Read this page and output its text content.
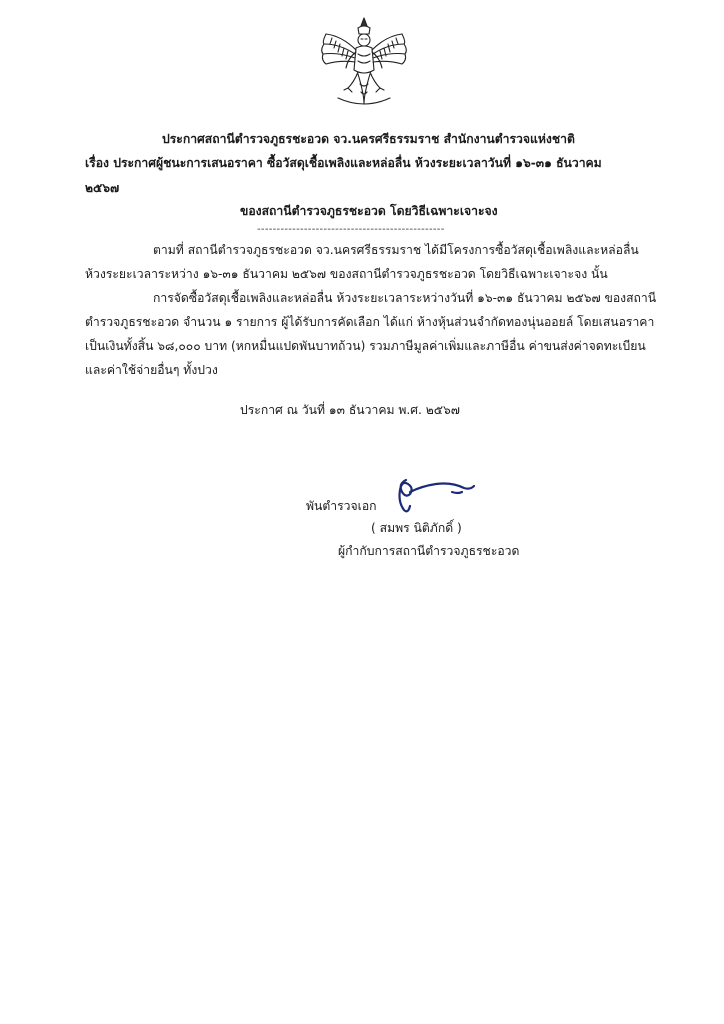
ประกาศสถานีตำรวจภูธรชะอวด จว.นครศรีธรรมราช สำนักงานตำรวจแห่งชาติ
เรื่อง ประกาศผู้ชนะการเสนอราคา ซื้อวัสดุเชื้อเพลิงและหล่อลื่น ห้วงระยะเวลาวันที่ ๑๖-๓๑ ธันวาคม
๒๕๖๗
ของสถานีตำรวจภูธรชะอวด โดยวิธีเฉพาะเจาะจง
------------------------------------------------
ตามที่ สถานีตำรวจภูธรชะอวด จว.นครศรีธรรมราช ได้มีโครงการซื้อวัสดุเชื้อเพลิงและหล่อลื่น
ห้วงระยะเวลาระหว่าง ๑๖-๓๑ ธันวาคม ๒๕๖๗ ของสถานีตำรวจภูธรชะอวด โดยวิธีเฉพาะเจาะจง นั้น
การจัดซื้อวัสดุเชื้อเพลิงและหล่อลื่น ห้วงระยะเวลาระหว่างวันที่ ๑๖-๓๑ ธันวาคม ๒๕๖๗ ของสถานี
ตำรวจภูธรชะอวด จำนวน ๑ รายการ ผู้ได้รับการคัดเลือก ได้แก่ ห้างหุ้นส่วนจำกัดทองนุ่นออยล์ โดยเสนอราคา
เป็นเงินทั้งสิ้น ๖๘,๐๐๐ บาท (หกหมื่นแปดพันบาทถ้วน) รวมภาษีมูลค่าเพิ่มและภาษีอื่น ค่าขนส่งค่าจดทะเบียน
และค่าใช้จ่ายอื่นๆ ทั้งปวง
ประกาศ ณ วันที่ ๑๓ ธันวาคม พ.ศ. ๒๕๖๗
พันตำรวจเอก
( สมพร นิติภักดิ์ )
ผู้กำกับการสถานีตำรวจภูธรชะอวด
